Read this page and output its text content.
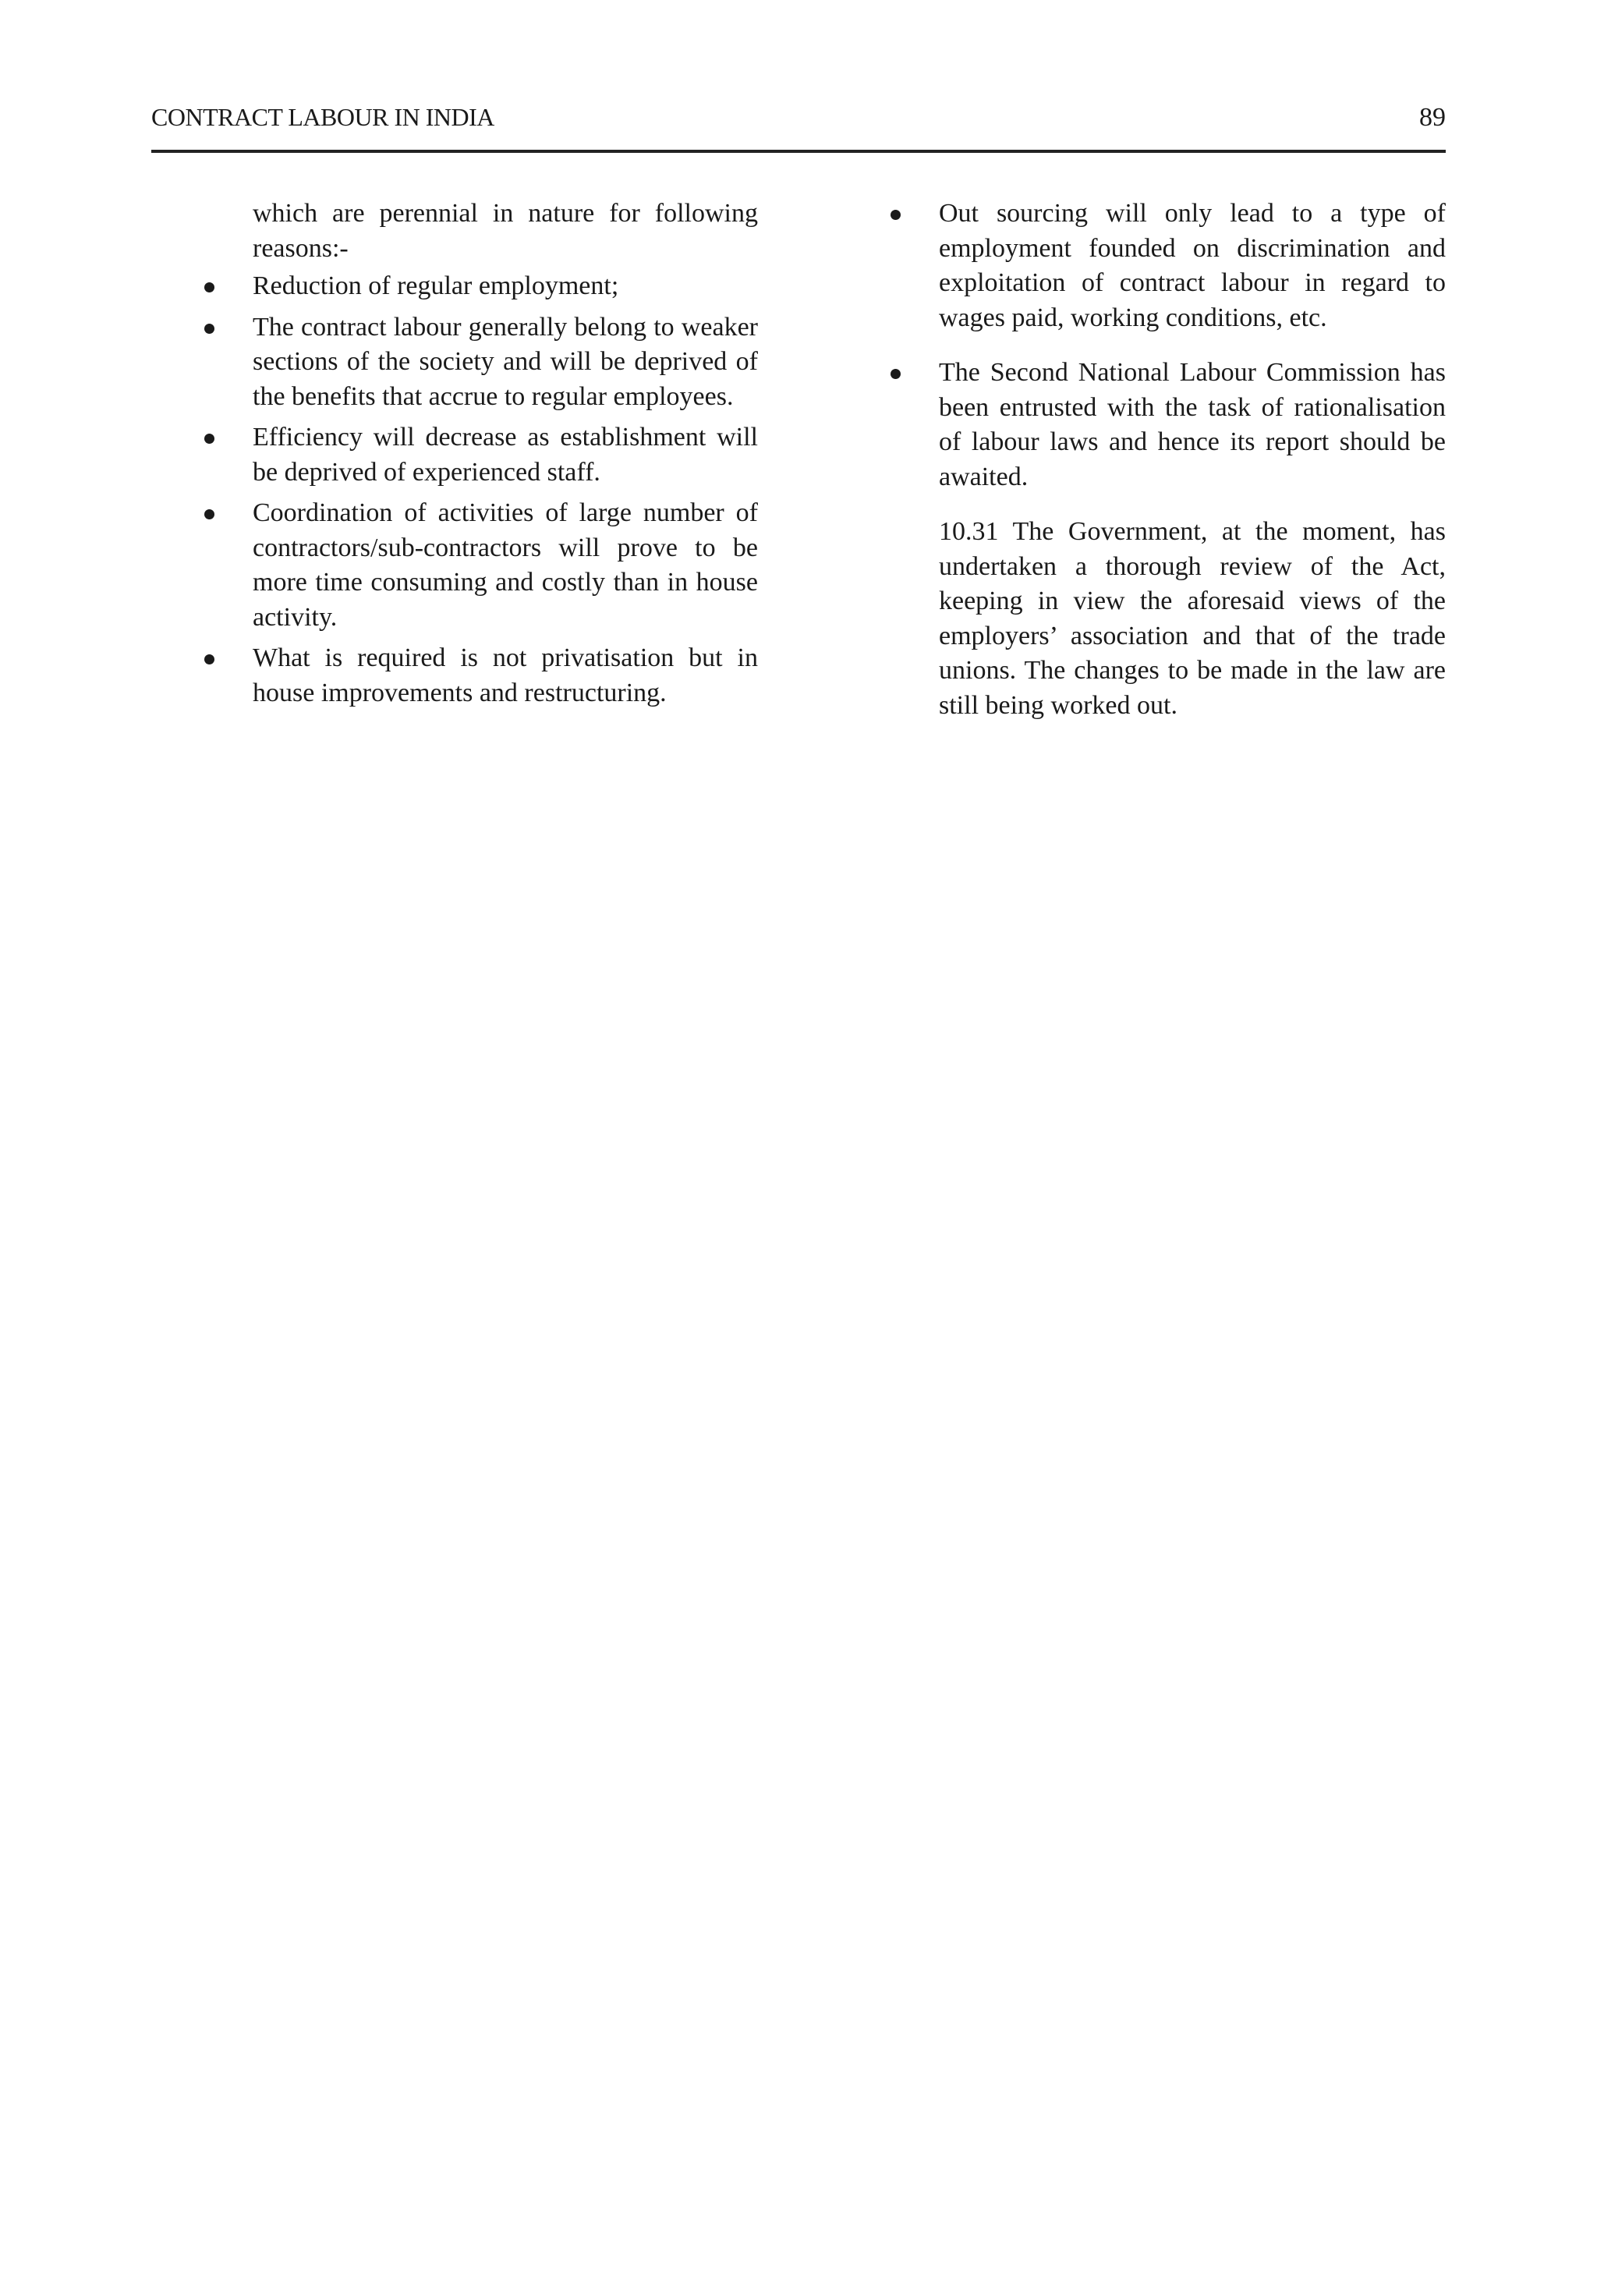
CONTRACT LABOUR IN INDIA	89

which are perennial in nature for following reasons:-

Reduction of regular employment;
The contract labour generally belong to weaker sections of the society and will be deprived of the benefits that accrue to regular employees.
Efficiency will decrease as establishment will be deprived of experienced staff.
Coordination of activities of large number of contractors/sub-contractors will prove to be more time consuming and costly than in house activity.
What is required is not privatisation but in house improvements and restructuring.
Out sourcing will only lead to a type of employment founded on discrimination and exploitation of contract labour in regard to wages paid, working conditions, etc.
The Second National Labour Commission has been entrusted with the task of rationalisation of labour laws and hence its report should be awaited.

10.31 The Government, at the moment, has undertaken a thorough review of the Act, keeping in view the aforesaid views of the employers’ association and that of the trade unions. The changes to be made in the law are still being worked out.
